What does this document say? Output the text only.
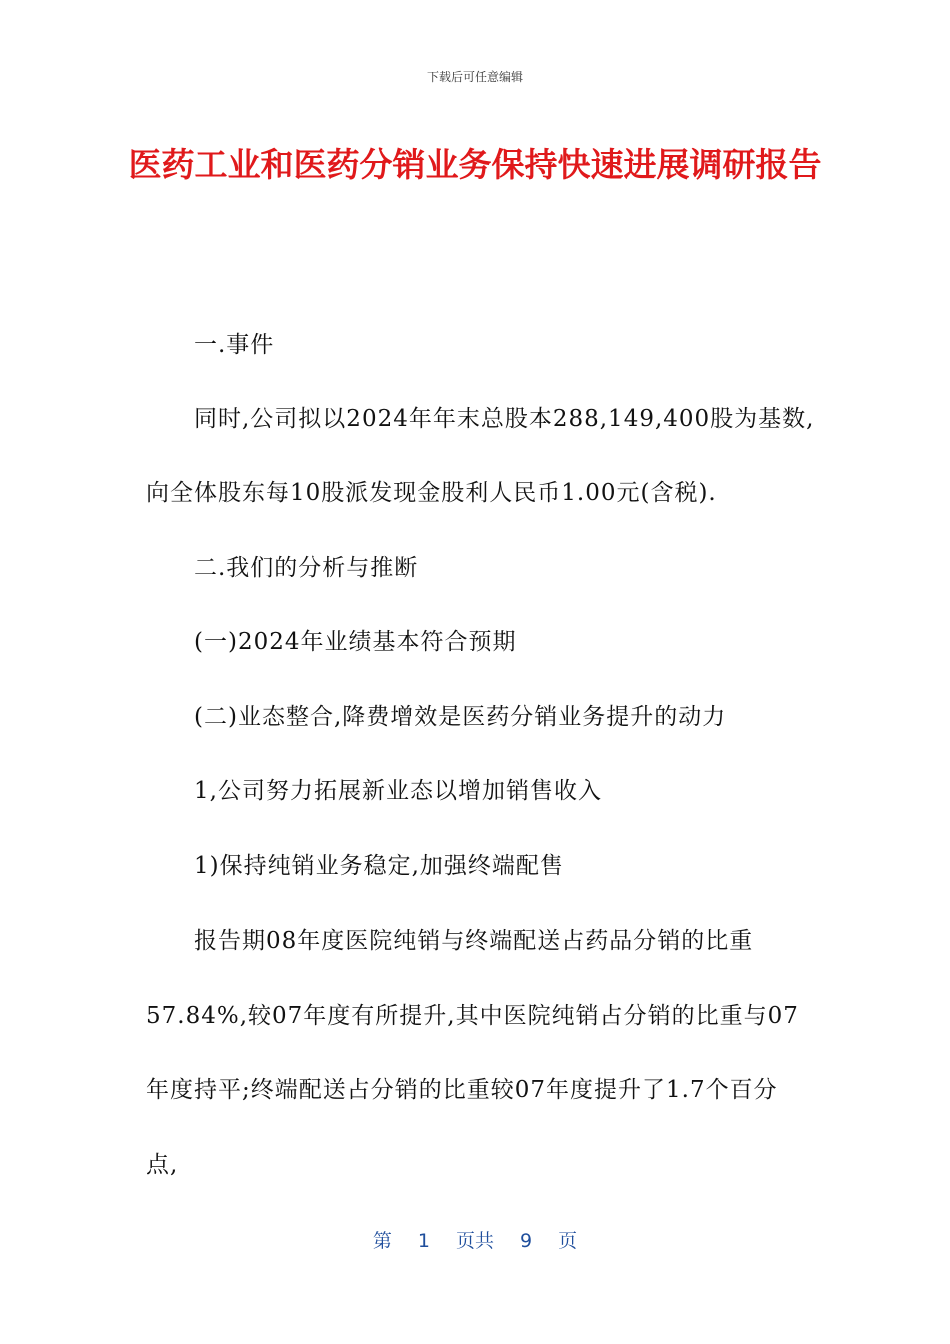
下载后可任意编辑
医药工业和医药分销业务保持快速进展调研报告
一.事件
同时,公司拟以2024年年末总股本288,149,400股为基数,
向全体股东每10股派发现金股利人民币1.00元(含税).
二.我们的分析与推断
(一)2024年业绩基本符合预期
(二)业态整合,降费增效是医药分销业务提升的动力
1,公司努力拓展新业态以增加销售收入
1)保持纯销业务稳定,加强终端配售
报告期08年度医院纯销与终端配送占药品分销的比重
57.84%,较07年度有所提升,其中医院纯销占分销的比重与07
年度持平;终端配送占分销的比重较07年度提升了1.7个百分
点,
第 1 页共 9 页
